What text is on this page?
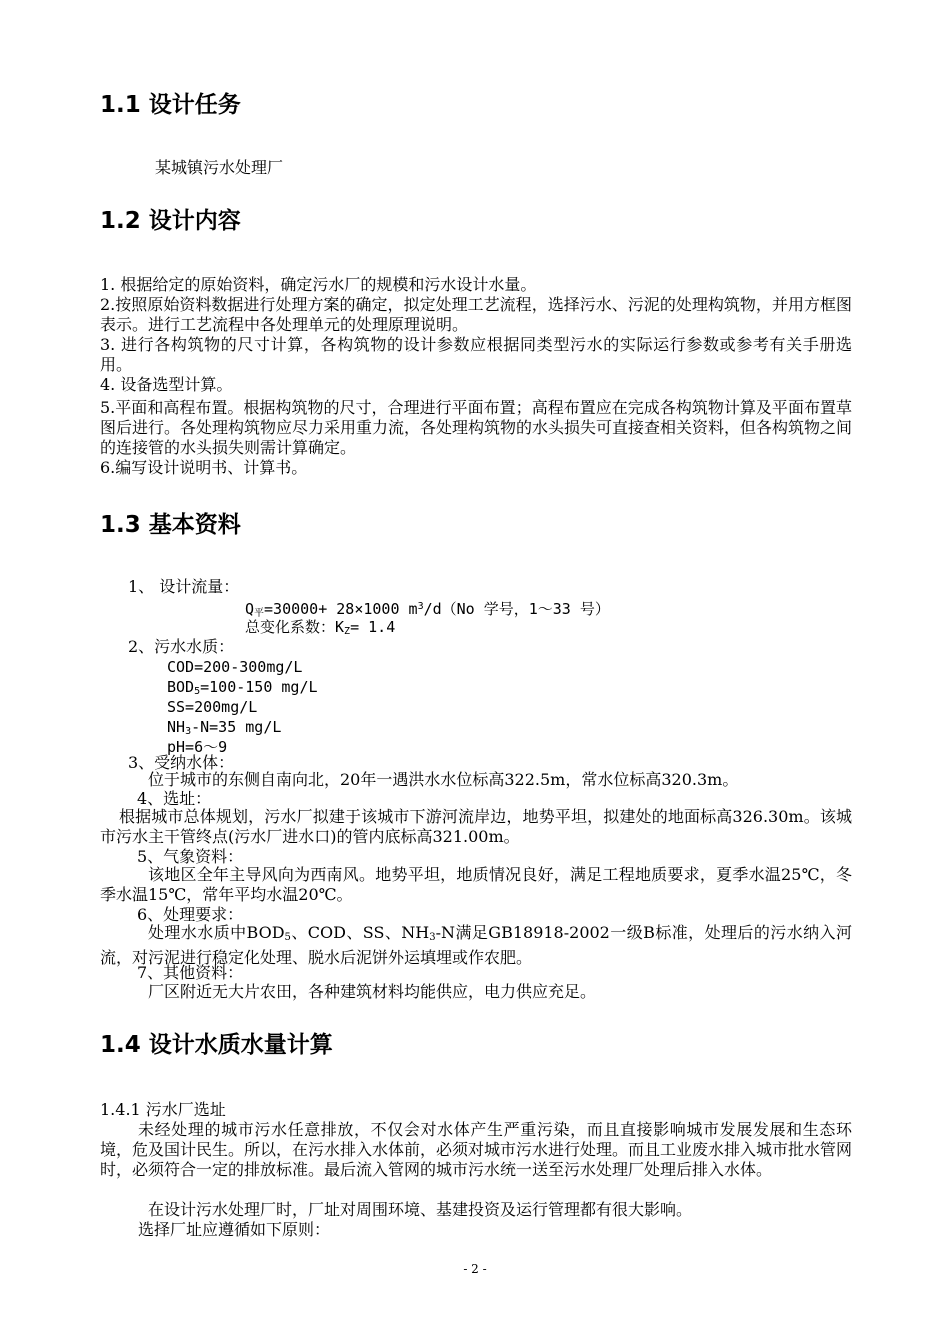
1.1 设计任务
某城镇污水处理厂
1.2 设计内容
1. 根据给定的原始资料，确定污水厂的规模和污水设计水量。
2.按照原始资料数据进行处理方案的确定，拟定处理工艺流程，选择污水、污泥的处理构筑物，并用方框图表示。进行工艺流程中各处理单元的处理原理说明。
3. 进行各构筑物的尺寸计算，各构筑物的设计参数应根据同类型污水的实际运行参数或参考有关手册选用。
4. 设备选型计算。
5.平面和高程布置。根据构筑物的尺寸，合理进行平面布置；高程布置应在完成各构筑物计算及平面布置草图后进行。各处理构筑物应尽力采用重力流，各处理构筑物的水头损失可直接查相关资料，但各构筑物之间的连接管的水头损失则需计算确定。
6.编写设计说明书、计算书。
1.3 基本资料
1、 设计流量：
$Q_平=30000+ 28\times 1000$ $m^3/d(No$ 学号，1～33 号）
总变化系数：$K_Z= 1.4$
2、污水水质：
COD=200-300mg/L
$BOD_5=100-150$ mg/L
SS=200mg/L
$NH_3-N=35$ mg/L
pH=6～9
3、受纳水体：
位于城市的东侧自南向北，20年一遇洪水水位标高322.5m，常水位标高320.3m。
4、选址：
根据城市总体规划，污水厂拟建于该城市下游河流岸边，地势平坦，拟建处的地面标高326.30m。该城市污水主干管终点(污水厂进水口)的管内底标高321.00m。
5、气象资料：
该地区全年主导风向为西南风。地势平坦，地质情况良好，满足工程地质要求，夏季水温25℃，冬季水温15℃，常年平均水温20℃。
6、处理要求：
处理水水质中$BOD_5$、COD、SS、$NH_3-N$满足GB18918-2002一级B标准，处理后的污水纳入河流，对污泥进行稳定化处理、脱水后泥饼外运填埋或作农肥。
7、其他资料：
厂区附近无大片农田，各种建筑材料均能供应，电力供应充足。
1.4 设计水质水量计算
1.4.1 污水厂选址
未经处理的城市污水任意排放，不仅会对水体产生严重污染，而且直接影响城市发展发展和生态环境，危及国计民生。所以，在污水排入水体前，必须对城市污水进行处理。而且工业废水排入城市批水管网时，必须符合一定的排放标准。最后流入管网的城市污水统一送至污水处理厂处理后排入水体。
在设计污水处理厂时，厂址对周围环境、基建投资及运行管理都有很大影响。
选择厂址应遵循如下原则：
- 2 -
